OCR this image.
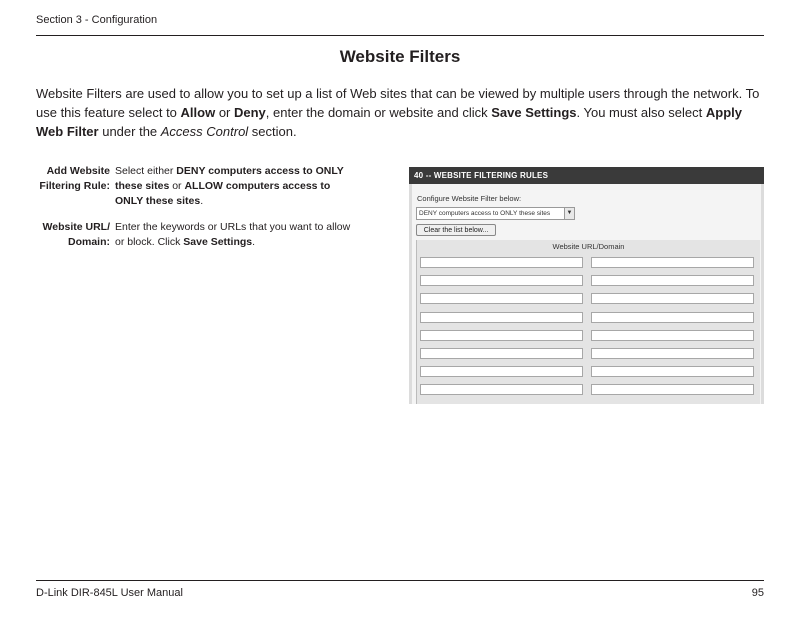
Section 3 - Configuration
Website Filters
Website Filters are used to allow you to set up a list of Web sites that can be viewed by multiple users through the network. To use this feature select to Allow or Deny, enter the domain or website and click Save Settings. You must also select Apply Web Filter under the Access Control section.
Add Website
Filtering Rule:
Select either DENY computers access to ONLY these sites or ALLOW computers access to ONLY these sites.
Website URL/
Domain:
Enter the keywords or URLs that you want to allow or block. Click Save Settings.
40 -- WEBSITE FILTERING RULES
Configure Website Filter below:
DENY computers access to ONLY these sites	▼
Clear the list below...
Website URL/Domain
D-Link DIR-845L User Manual	95
